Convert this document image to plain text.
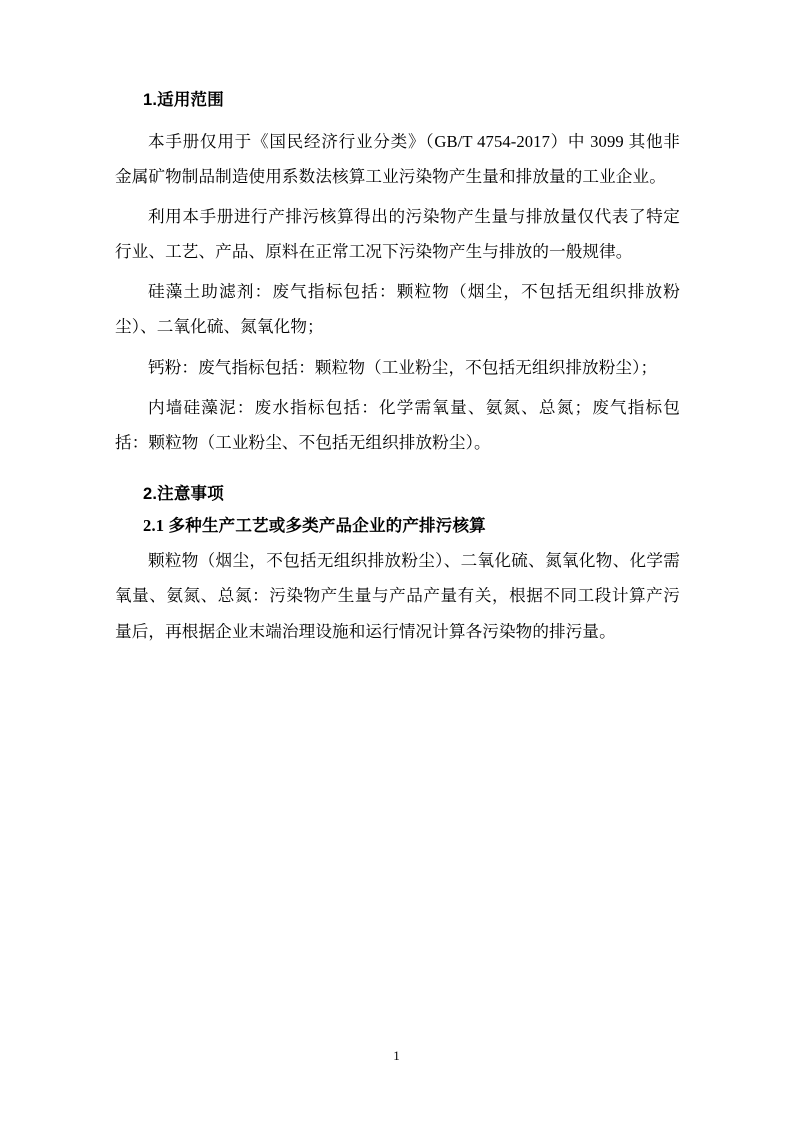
1.适用范围

本手册仅用于《国民经济行业分类》（GB/T 4754-2017）中 3099 其他非金属矿物制品制造使用系数法核算工业污染物产生量和排放量的工业企业。

利用本手册进行产排污核算得出的污染物产生量与排放量仅代表了特定行业、工艺、产品、原料在正常工况下污染物产生与排放的一般规律。

硅藻土助滤剂：废气指标包括：颗粒物（烟尘，不包括无组织排放粉尘）、二氧化硫、氮氧化物；

钙粉：废气指标包括：颗粒物（工业粉尘，不包括无组织排放粉尘）；

内墙硅藻泥：废水指标包括：化学需氧量、氨氮、总氮；废气指标包括：颗粒物（工业粉尘、不包括无组织排放粉尘）。

2.注意事项
2.1 多种生产工艺或多类产品企业的产排污核算

颗粒物（烟尘，不包括无组织排放粉尘）、二氧化硫、氮氧化物、化学需氧量、氨氮、总氮：污染物产生量与产品产量有关，根据不同工段计算产污量后，再根据企业末端治理设施和运行情况计算各污染物的排污量。

1
